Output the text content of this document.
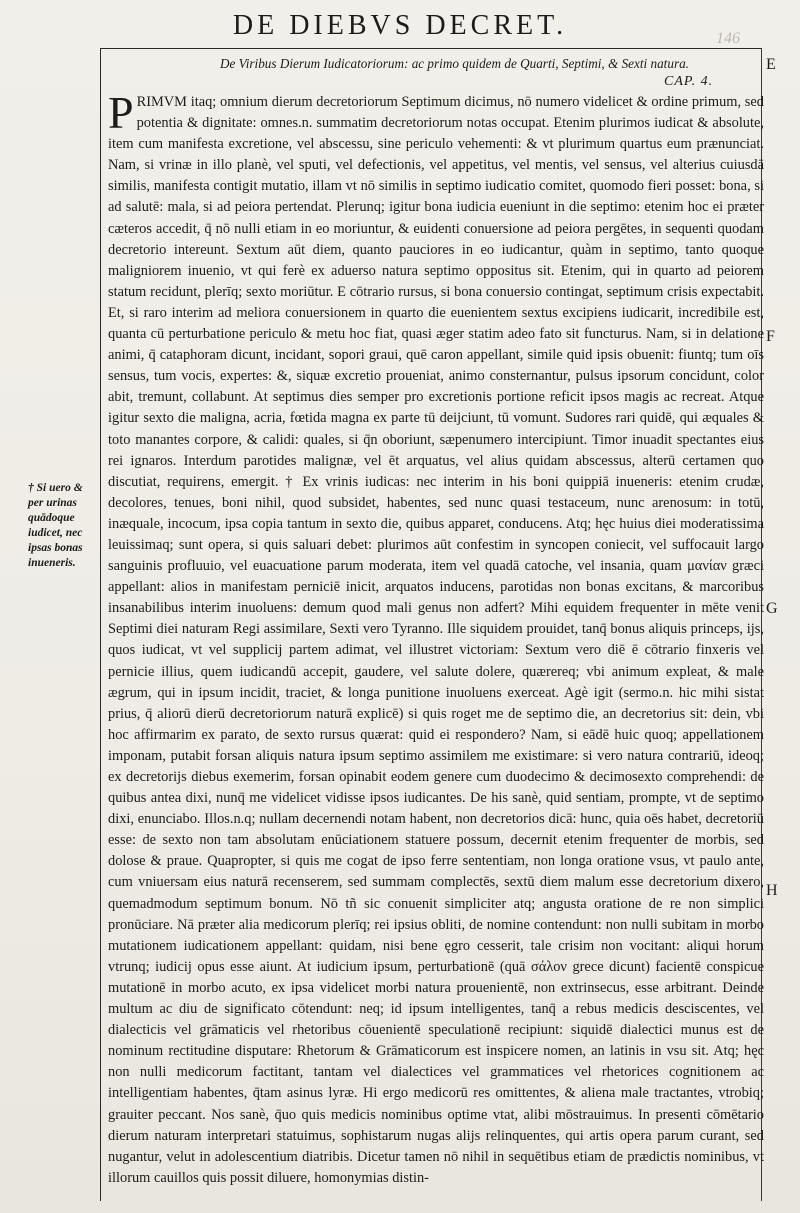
146
DE DIEBVS DECRET.
De Viribus Dierum Iudicatoriorum: ac primo quidem de Quarti, Septimi, & Sexti natura.
CAP. 4.
E
F
G
H
† Si uero & per urinas quādoque iudicet, nec ipsas bonas inueneris.
PRIMVM itaq; omnium dierum decretoriorum Septimum dicimus, nō numero videlicet & ordine primum, sed potentia & dignitate: omnes.n. summatim decretoriorum notas occupat. Etenim plurimos iudicat & absolute, item cum manifesta excretione, vel abscessu, sine periculo vehementi: & vt plurimum quartus eum prænunciat. Nam, si vrinæ in illo planè, vel sputi, vel defectionis, vel appetitus, vel mentis, vel sensus, vel alterius cuiusdā similis, manifesta contigit mutatio, illam vt nō similis in septimo iudicatio comitet, quomodo fieri posset: bona, si ad salutē: mala, si ad peiora pertendat. Plerunq; igitur bona iudicia eueniunt in die septimo: etenim hoc ei præter cæteros accedit, q̄ nō nulli etiam in eo moriuntur, & euidenti conuersione ad peiora pergētes, in sequenti quodam decretorio intereunt. Sextum aūt diem, quanto pauciores in eo iudicantur, quàm in septimo, tanto quoque maligniorem inuenio, vt qui ferè ex aduerso natura septimo oppositus sit. Etenim, qui in quarto ad peiorem statum recidunt, plerīq; sexto moriūtur. E cōtrario rursus, si bona conuersio contingat, septimum crisis expectabit. Et, si raro interim ad meliora conuersionem in quarto die euenientem sextus excipiens iudicarit, incredibile est, quanta cū perturbatione periculo & metu hoc fiat, quasi æger statim adeo fato sit functurus. Nam, si in delatione animi, q̄ cataphoram dicunt, incidant, sopori graui, quē caron appellant, simile quid ipsis obuenit: fiuntq; tum oīs sensus, tum vocis, expertes: &, siquæ excretio proueniat, animo consternantur, pulsus ipsorum concidunt, color abit, tremunt, collabunt. At septimus dies semper pro excretionis portione reficit ipsos magis ac recreat. Atque igitur sexto die maligna, acria, fœtida magna ex parte tū deijciunt, tū vomunt. Sudores rari quidē, qui æquales & toto manantes corpore, & calidi: quales, si q̄n oboriunt, sæpenumero intercipiunt. Timor inuadit spectantes eius rei ignaros. Interdum parotides malignæ, vel ēt arquatus, vel alius quidam abscessus, alterū certamen quo discutiat, requirens, emergit. † Ex vrinis iudicas: nec interim in his boni quippiā inueneris: etenim crudæ, decolores, tenues, boni nihil, quod subsidet, habentes, sed nunc quasi testaceum, nunc arenosum: in totū, inæquale, incocum, ipsa copia tantum in sexto die, quibus apparet, conducens. Atq; hęc huius diei moderatissima leuissimaq; sunt opera, si quis saluari debet: plurimos aūt confestim in syncopen coniecit, vel suffocauit largo sanguinis profluuio, vel euacuatione parum moderata, item vel quadā catoche, vel insania, quam μανίαν græci appellant: alios in manifestam perniciē inicit, arquatos inducens, parotidas non bonas excitans, & marcoribus insanabilibus interim inuoluens: demum quod mali genus non adfert? Mihi equidem frequenter in mēte venit Septimi diei naturam Regi assimilare, Sexti vero Tyranno. Ille siquidem prouidet, tanq̄ bonus aliquis princeps, ijs, quos iudicat, vt vel supplicij partem adimat, vel illustret victoriam: Sextum vero diē ē cōtrario finxeris vel pernicie illius, quem iudicandū accepit, gaudere, vel salute dolere, quærereq; vbi animum expleat, & male ægrum, qui in ipsum incidit, traciet, & longa punitione inuoluens exerceat. Agè igit (sermo.n. hic mihi sistat prius, q̄ aliorū dierū decretoriorum naturā explicē) si quis roget me de septimo die, an decretorius sit: dein, vbi hoc affirmarim ex parato, de sexto rursus quærat: quid ei respondero? Nam, si eādē huic quoq; appellationem imponam, putabit forsan aliquis natura ipsum septimo assimilem me existimare: si vero natura contrariū, ideoq; ex decretorijs diebus exemerim, forsan opinabit eodem genere cum duodecimo & decimosexto comprehendi: de quibus antea dixi, nunq̄ me videlicet vidisse ipsos iudicantes. De his sanè, quid sentiam, prompte, vt de septimo dixi, enunciabo. Illos.n.q; nullam decernendi notam habent, non decretorios dicā: hunc, quia oēs habet, decretoriū esse: de sexto non tam absolutam enūciationem statuere possum, decernit etenim frequenter de morbis, sed dolose & praue. Quapropter, si quis me cogat de ipso ferre sententiam, non longa oratione vsus, vt paulo ante, cum vniuersam eius naturā recenserem, sed summam complectēs, sextū diem malum esse decretorium dixero, quemadmodum septimum bonum. Nō tñ sic conuenit simpliciter atq; angusta oratione de re non simplici pronūciare. Nā præter alia medicorum plerīq; rei ipsius obliti, de nomine contendunt: non nulli subitam in morbo mutationem iudicationem appellant: quidam, nisi bene ęgro cesserit, tale crisim non vocitant: aliqui horum vtrunq; iudicij opus esse aiunt. At iudicium ipsum, perturbationē (quā σάλον grece dicunt) facientē conspicue mutationē in morbo acuto, ex ipsa videlicet morbi natura prouenientē, non extrinsecus, esse arbitrant. Deinde multum ac diu de significato cōtendunt: neq; id ipsum intelligentes, tanq̄ a rebus medicis desciscentes, vel dialecticis vel grāmaticis vel rhetoribus cōuenientē speculationē recipiunt: siquidē dialectici munus est de nominum rectitudine disputare: Rhetorum & Grāmaticorum est inspicere nomen, an latinis in vsu sit. Atq; hęc non nulli medicorum factitant, tantam vel dialectices vel grammatices vel rhetorices cognitionem ac intelligentiam habentes, q̄tam asinus lyræ. Hi ergo medicorū res omittentes, & aliena male tractantes, vtrobiq; grauiter peccant. Nos sanè, q̄uo quis medicis nominibus optime vtat, alibi mōstrauimus. In presenti cōmētario dierum naturam interpretari statuimus, sophistarum nugas alijs relinquentes, qui artis opera parum curant, sed nugantur, velut in adolescentium diatribis. Dicetur tamen nō nihil in sequētibus etiam de prædictis nominibus, vt illorum cauillos quis possit diluere, homonymias distin-
